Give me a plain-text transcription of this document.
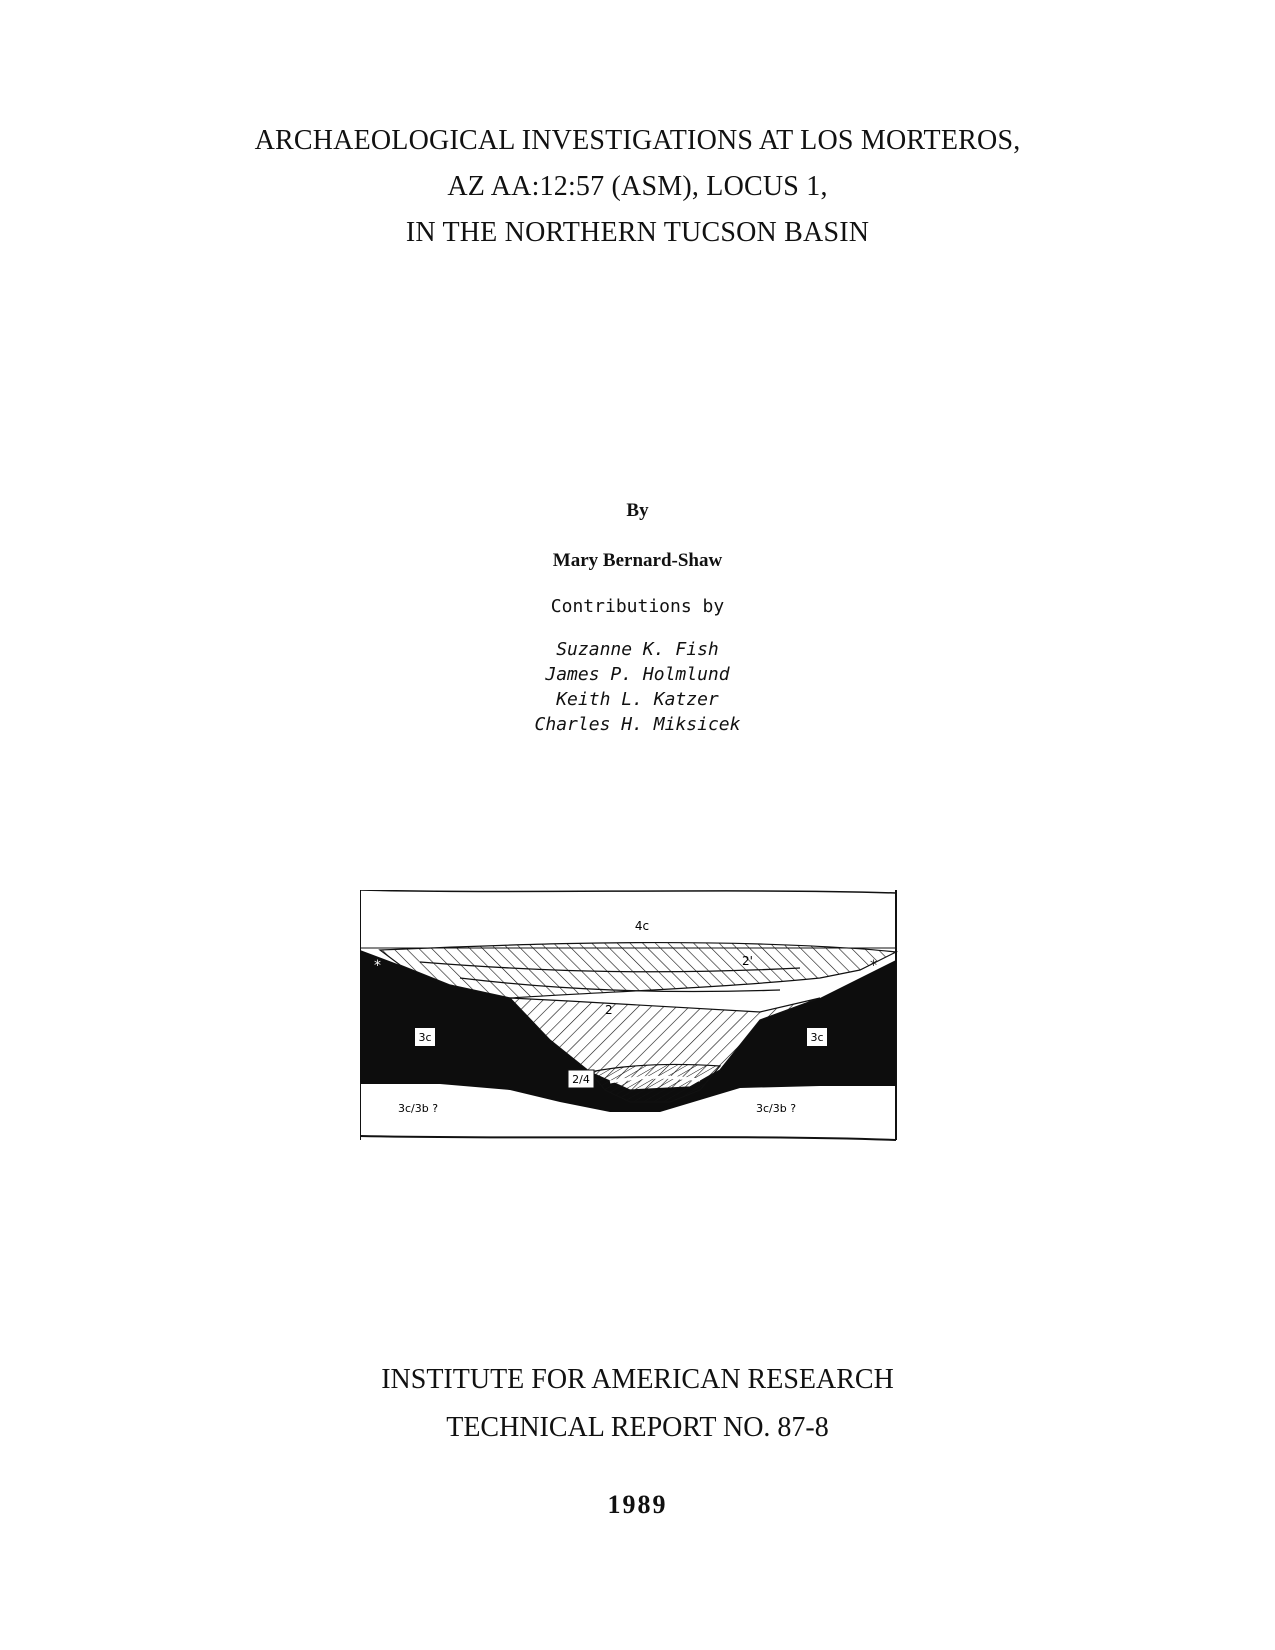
ARCHAEOLOGICAL INVESTIGATIONS AT LOS MORTEROS,

AZ AA:12:57 (ASM), LOCUS 1,

IN THE NORTHERN TUCSON BASIN

By

Mary Bernard-Shaw
Contributions by
Suzanne K. Fish
James P. Holmlund
Keith L. Katzer
Charles H. Miksicek
4c
2'
2
3c	3c
2/4
3c/3b ?	3c/3b ?
*	*

INSTITUTE FOR AMERICAN RESEARCH

TECHNICAL REPORT NO. 87-8

1989
